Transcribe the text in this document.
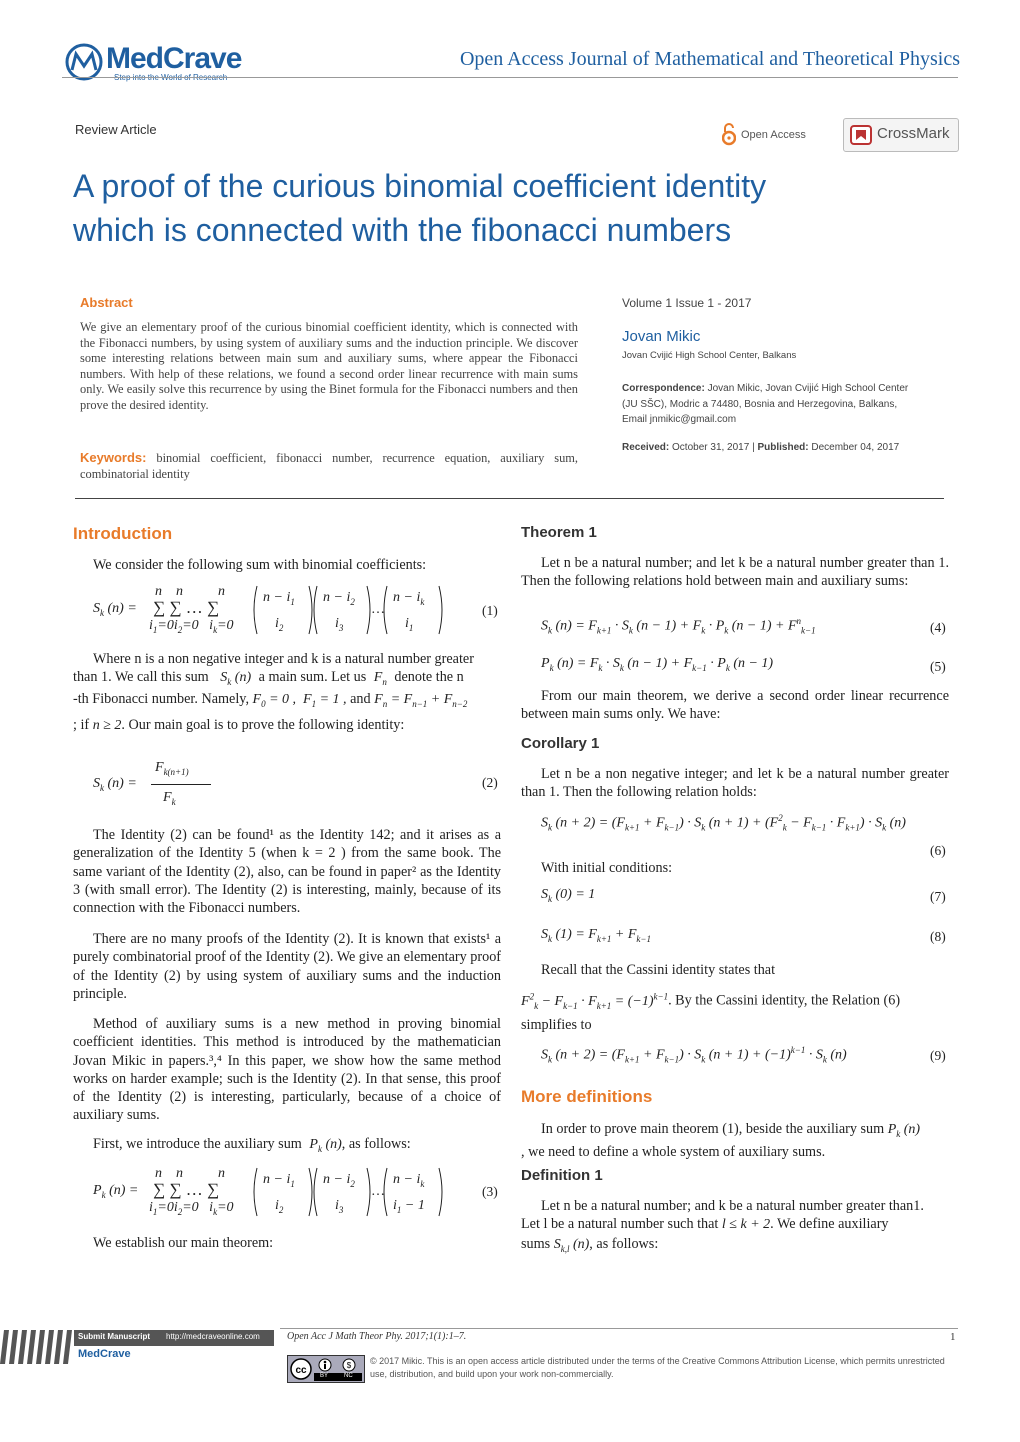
MedCrave	Open Access Journal of Mathematical and Theoretical Physics
Review Article	Open Access	CrossMark
A proof of the curious binomial coefficient identity
which is connected with the fibonacci numbers
Abstract
We give an elementary proof of the curious binomial coefficient identity, which is connected with the Fibonacci numbers, by using system of auxiliary sums and the induction principle. We discover some interesting relations between main sum and auxiliary sums, where appear the Fibonacci numbers. With help of these relations, we found a second order linear recurrence with main sums only. We easily solve this recurrence by using the Binet formula for the Fibonacci numbers and then prove the desired identity.
Keywords: binomial coefficient, fibonacci number, recurrence equation, auxiliary sum, combinatorial identity
Volume 1 Issue 1 - 2017
Jovan Mikic
Jovan Cvijić High School Center, Balkans
Correspondence: Jovan Mikic, Jovan Cvijić High School Center (JU SŠC), Modric a 74480, Bosnia and Herzegovina, Balkans, Email jnmikic@gmail.com
Received: October 31, 2017 | Published: December 04, 2017
Introduction
We consider the following sum with binomial coefficients:
$S_k$ (n) =
n    n          n
∑ ∑ … ∑
$i_1=0i_2=0$   $i_k=0$
$n - i_1$
$i_2$
$n - i_2$
$i_3$
…
$n - i_k$
$i_1$
(1)
Where n is a non negative integer and k is a natural number greater
than 1. We call this sum $S_k$ (n) a main sum. Let us $F_n$ denote the n
-th Fibonacci number. Namely, $F_0 = 0$ ,  $F_1 = 1$ , and $F_n = F_{n-1} + F_{n-2}$
; if n ≥ 2. Our main goal is to prove the following identity:
$F_{k(n+1)}$
$S_k$ (n) =
$F_k$
(2)
The Identity (2) can be found¹ as the Identity 142; and it arises as a generalization of the Identity 5 (when k = 2 ) from the same book. The same variant of the Identity (2), also, can be found in paper² as the Identity 3 (with small error). The Identity (2) is interesting, mainly, because of its connection with the Fibonacci numbers.
There are no many proofs of the Identity (2). It is known that exists¹ a purely combinatorial proof of the Identity (2). We give an elementary proof of the Identity (2) by using system of auxiliary sums and the induction principle.
Method of auxiliary sums is a new method in proving binomial coefficient identities. This method is introduced by the mathematician Jovan Mikic in papers.³,⁴ In this paper, we show how the same method works on harder example; such is the Identity (2). In that sense, this proof of the Identity (2) is interesting, particularly, because of a choice of auxiliary sums.
First, we introduce the auxiliary sum $P_k$ (n), as follows:
$P_k$ (n) =
n    n          n
∑ ∑ … ∑
$i_1=0i_2=0$   $i_k=0$
$n - i_1$
$i_2$
$n - i_2$
$i_3$
…
$n - i_k$
$i_1 - 1$
(3)
We establish our main theorem:
Theorem 1
Let n be a natural number; and let k be a natural number greater than 1. Then the following relations hold between main and auxiliary sums:
$S_k$ $(n) = F_{k+1} \cdot S_k$ $(n - 1) + F_k \cdot P_k$ $(n - 1) + F^n_{k-1}$	(4)
$P_k$ $(n) = F_k \cdot S_k$ $(n - 1) + F_{k-1} \cdot P_k$ (n − 1)	(5)
From our main theorem, we derive a second order linear recurrence between main sums only. We have:
Corollary 1
Let n be a non negative integer; and let k be a natural number greater than 1. Then the following relation holds:
$S_k$ $(n + 2) = (F_{k+1} + F_{k-1}) \cdot S_k$ $(n + 1) + (F^2_k - F_{k-1} \cdot F_{k+1}) \cdot S_k$ (n)
(6)
With initial conditions:
$S_k$ (0) = 1	(7)
$S_k$ $(1) = F_{k+1} + F_{k-1}$	(8)
Recall that the Cassini identity states that
$F^2_k - F_{k-1} \cdot F_{k+1} = (-1)^{k-1}$. By the Cassini identity, the Relation (6)
simplifies to
$S_k$ $(n + 2) = (F_{k+1} + F_{k-1}) \cdot S_k$ $(n + 1) + (-1)^{k-1} \cdot S_k$ (n)	(9)
More definitions
In order to prove main theorem (1), beside the auxiliary sum $P_k$ (n)
, we need to define a whole system of auxiliary sums.
Definition 1
Let n be a natural number; and k be a natural number greater than1.
Let l be a natural number such that l ≤ k + 2. We define auxiliary
sums $S_{k,l}$ (n), as follows:
Submit Manuscript http://medcraveonline.com
MedCrave
Open Acc J Math Theor Phy. 2017;1(1):1–7.	1
cc	$
BY	NC
© 2017 Mikic. This is an open access article distributed under the terms of the Creative Commons Attribution License, which permits unrestricted use, distribution, and build upon your work non-commercially.
